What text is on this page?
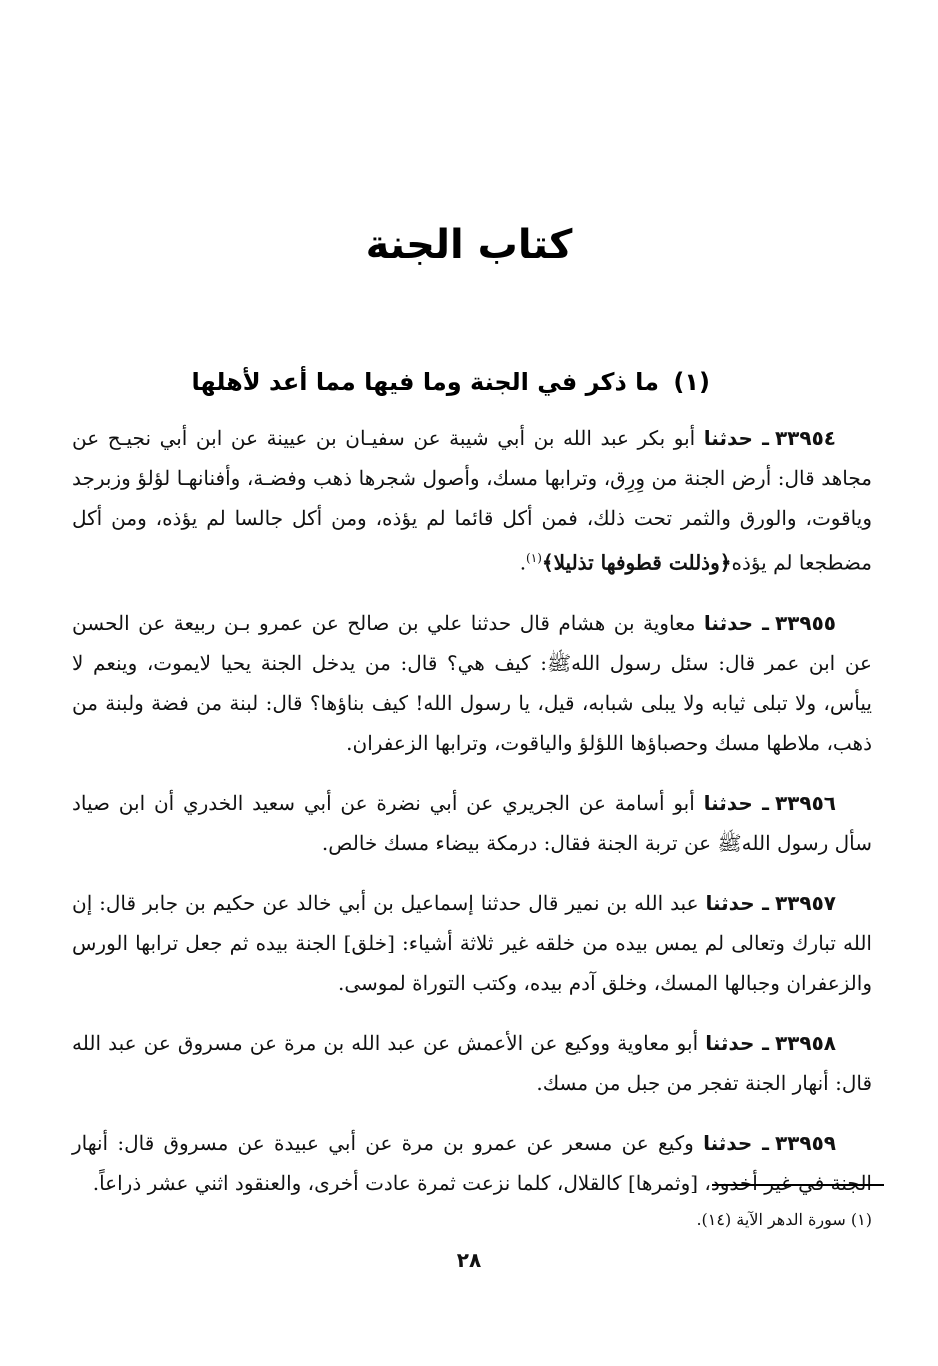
كتاب الجنة
(١) ما ذكر في الجنة وما فيها مما أعد لأهلها

٣٣٩٥٤ـ حدثنا أبو بكر عبد الله بن أبي شيبة عن سفيـان بن عيينة عن ابن أبي نجيـح عن مجاهد قال: أرض الجنة من وِرِق، وترابها مسك، وأصول شجرها ذهب وفضـة، وأفنانهـا لؤلؤ وزبرجد وياقوت، والورق والثمر تحت ذلك، فمن أكل قائما لم يؤذه، ومن أكل جالسا لم يؤذه، ومن أكل مضطجعا لم يؤذه﴿وذللت قطوفها تذليلا﴾$^{(١)}$.

٣٣٩٥٥ـ حدثنا معاوية بن هشام قال حدثنا علي بن صالح عن عمرو بـن ربيعة عن الحسن عن ابن عمر قال: سئل رسول اللهﷺ: كيف هي؟ قال: من يدخل الجنة يحيا لايموت، وينعم لا ييأس، ولا تبلى ثيابه ولا يبلى شبابه، قيل، يا رسول الله! كيف بناؤها؟ قال: لبنة من فضة ولبنة من ذهب، ملاطها مسك وحصباؤها اللؤلؤ والياقوت، وترابها الزعفران.

٣٣٩٥٦ـ حدثنا أبو أسامة عن الجريري عن أبي نضرة عن أبي سعيد الخدري أن ابن صياد سأل رسول اللهﷺ عن تربة الجنة فقال: درمكة بيضاء مسك خالص.

٣٣٩٥٧ـ حدثنا عبد الله بن نمير قال حدثنا إسماعيل بن أبي خالد عن حكيم بن جابر قال: إن الله تبارك وتعالى لم يمس بيده من خلقه غير ثلاثة أشياء: [خلق] الجنة بيده ثم جعل ترابها الورس والزعفران وجبالها المسك، وخلق آدم بيده، وكتب التوراة لموسى.

٣٣٩٥٨ـ حدثنا أبو معاوية ووكيع عن الأعمش عن عبد الله بن مرة عن مسروق عن عبد الله قال: أنهار الجنة تفجر من جبل من مسك.

٣٣٩٥٩ـ حدثنا وكيع عن مسعر عن عمرو بن مرة عن أبي عبيدة عن مسروق قال: أنهار الجنة في غير أخدود، [وثمرها] كالقلال، كلما نزعت ثمرة عادت أخرى، والعنقود اثني عشر ذراعاً.

(١) سورة الدهر الآية (١٤).
٢٨
